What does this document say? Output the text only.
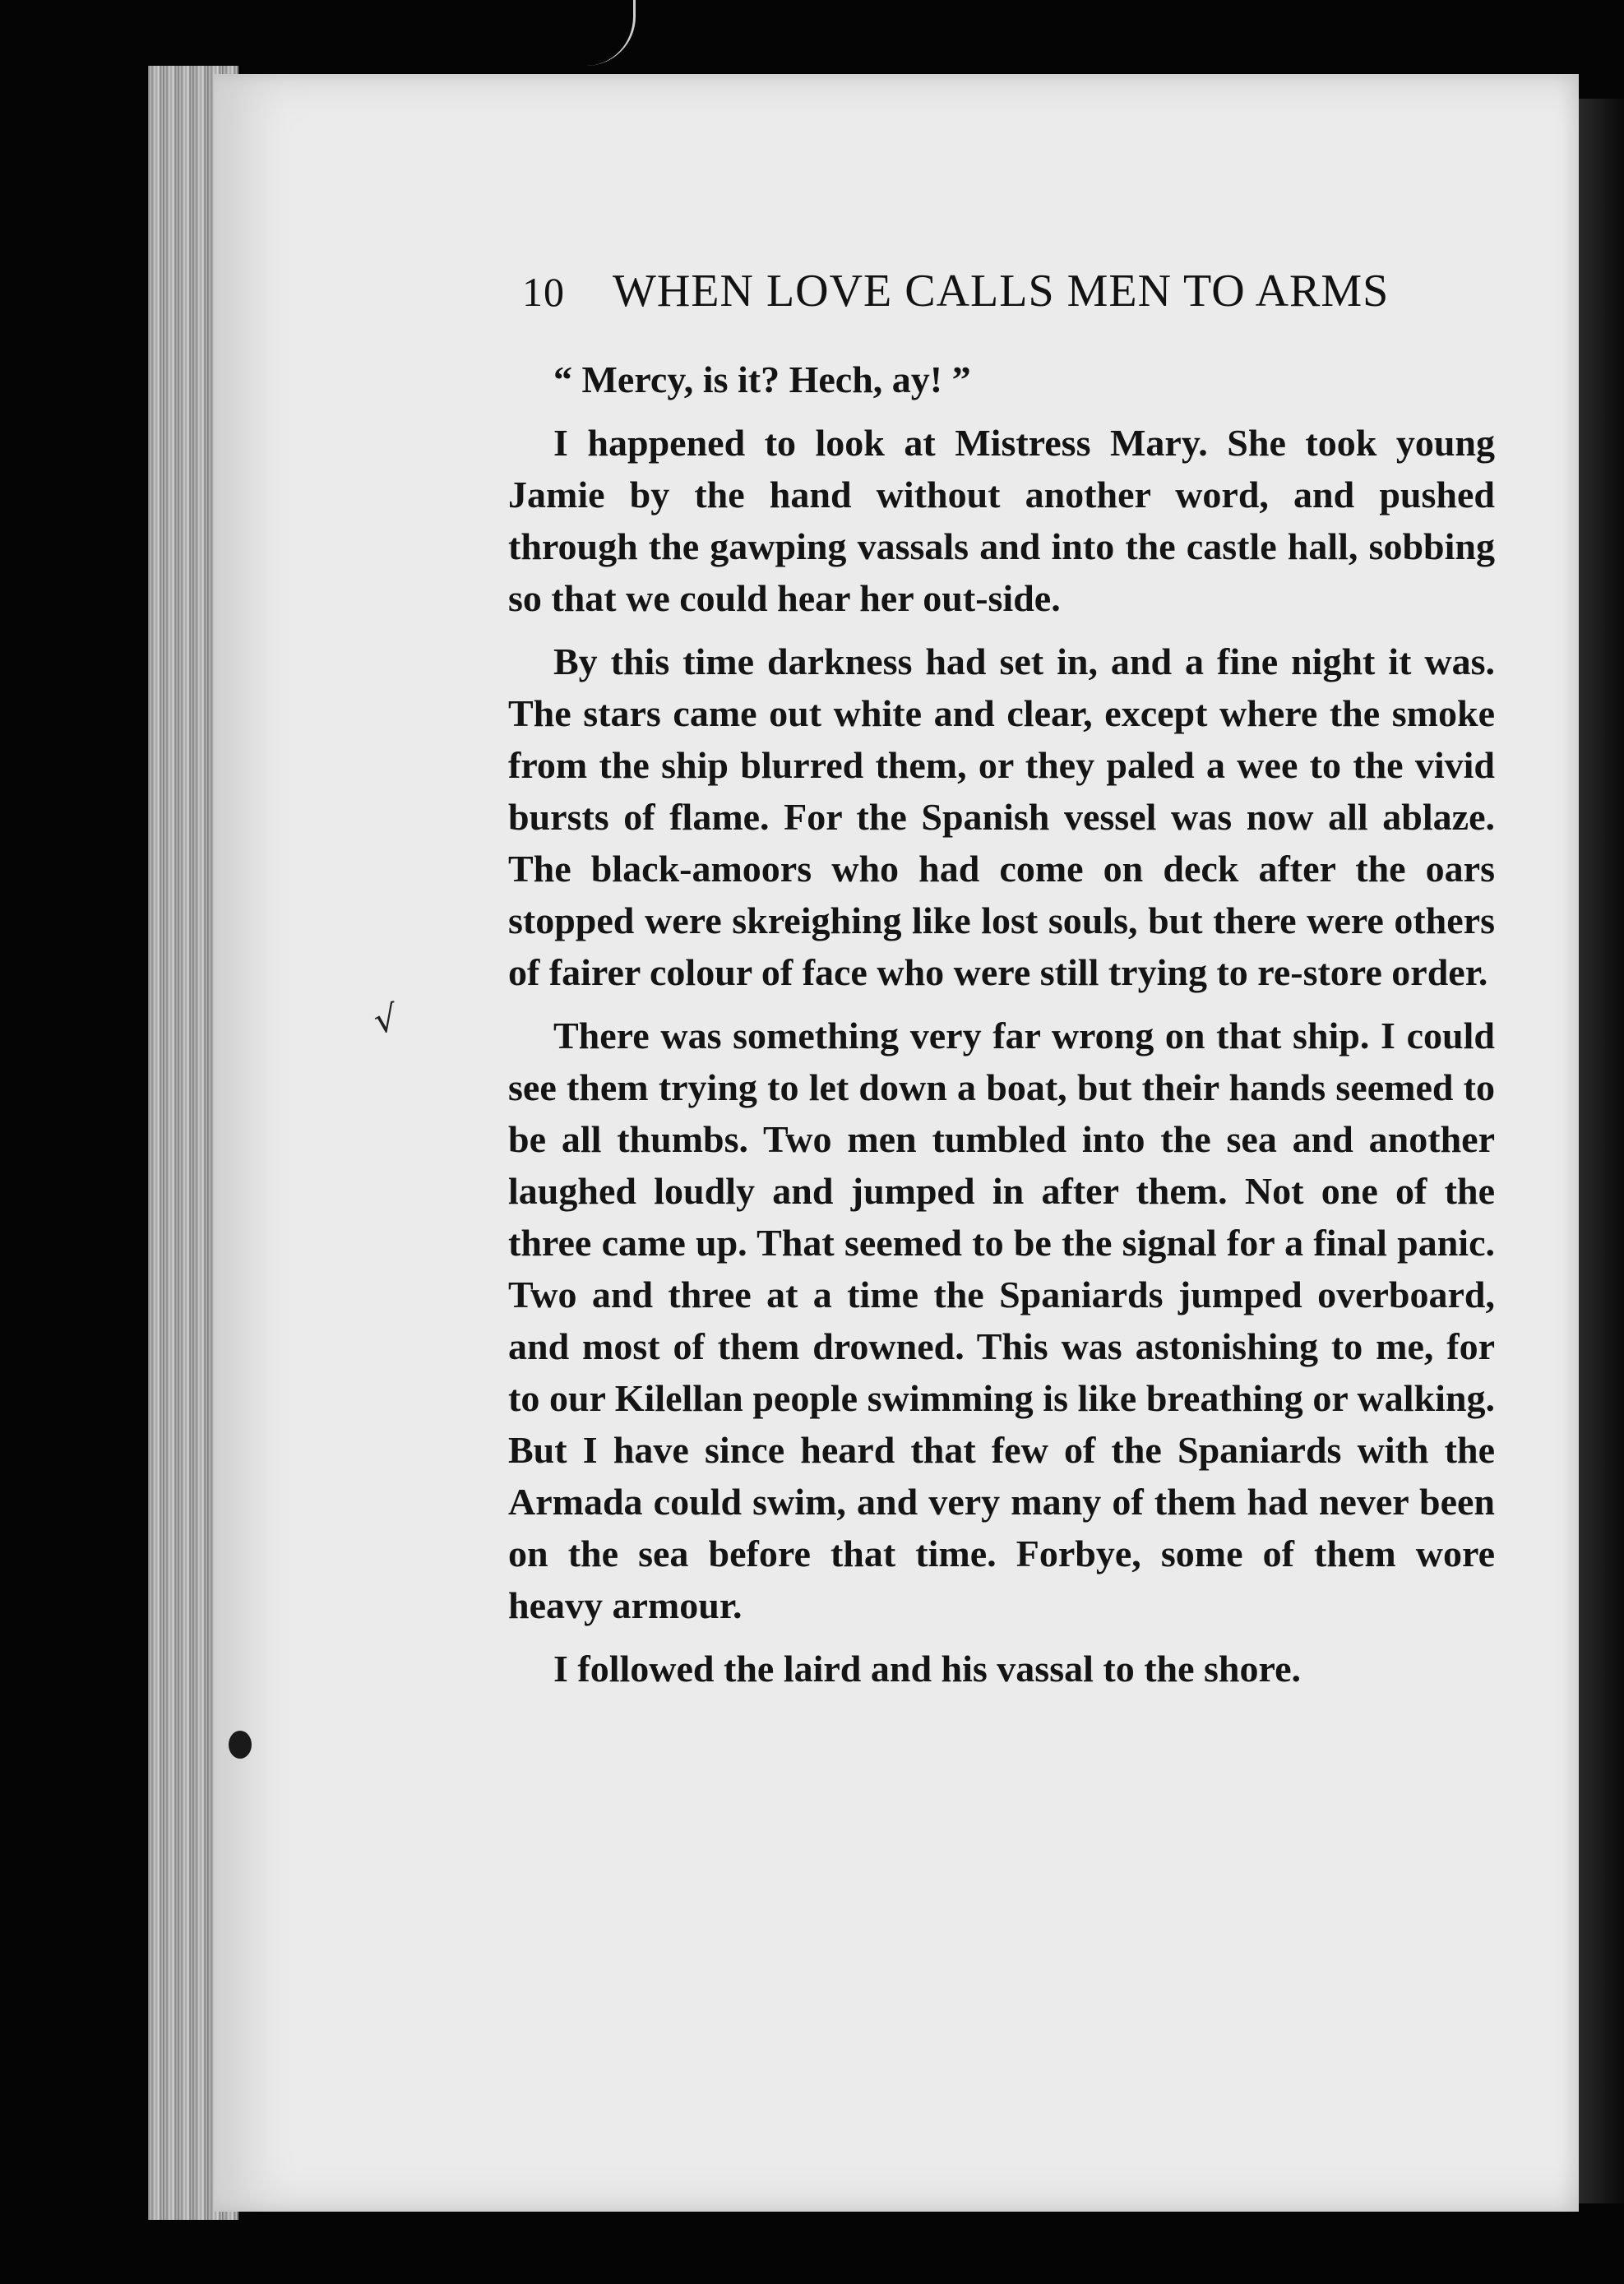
10 WHEN LOVE CALLS MEN TO ARMS

“ Mercy, is it? Hech, ay! ”

I happened to look at Mistress Mary. She took young Jamie by the hand without another word, and pushed through the gawping vassals and into the castle hall, sobbing so that we could hear her out-side.

By this time darkness had set in, and a fine night it was. The stars came out white and clear, except where the smoke from the ship blurred them, or they paled a wee to the vivid bursts of flame. For the Spanish vessel was now all ablaze. The black-amoors who had come on deck after the oars stopped were skreighing like lost souls, but there were others of fairer colour of face who were still trying to re-store order.

There was something very far wrong on that ship. I could see them trying to let down a boat, but their hands seemed to be all thumbs. Two men tumbled into the sea and another laughed loudly and jumped in after them. Not one of the three came up. That seemed to be the signal for a final panic. Two and three at a time the Spaniards jumped overboard, and most of them drowned. This was astonishing to me, for to our Kilellan people swimming is like breathing or walking. But I have since heard that few of the Spaniards with the Armada could swim, and very many of them had never been on the sea before that time. Forbye, some of them wore heavy armour.

I followed the laird and his vassal to the shore.

√
